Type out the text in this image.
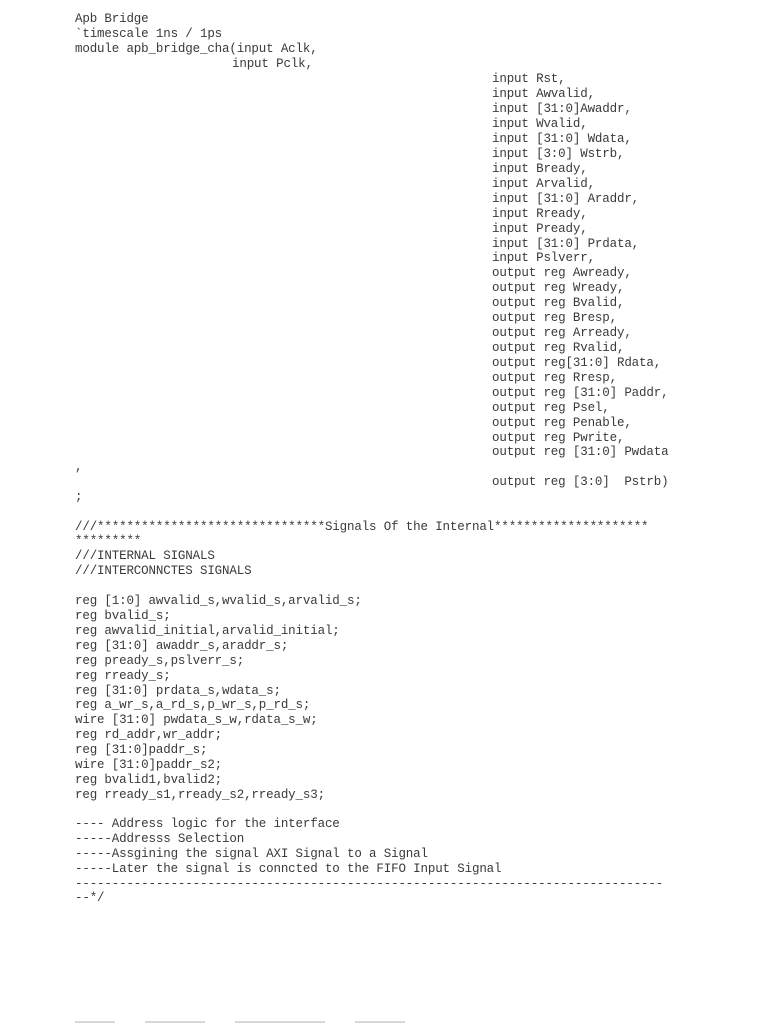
Apb Bridge
`timescale 1ns / 1ps
module apb_bridge_cha(input Aclk,
input Pclk,
input Rst,
input Awvalid,
input [31:0]Awaddr,
input Wvalid,
input [31:0] Wdata,
input [3:0] Wstrb,
input Bready,
input Arvalid,
input [31:0] Araddr,
input Rready,
input Pready,
input [31:0] Prdata,
input Pslverr,
output reg Awready,
output reg Wready,
output reg Bvalid,
output reg Bresp,
output reg Arready,
output reg Rvalid,
output reg[31:0] Rdata,
output reg Rresp,
output reg [31:0] Paddr,
output reg Psel,
output reg Penable,
output reg Pwrite,
output reg [31:0] Pwdata
,
output reg [3:0]  Pstrb)
;
///*******************************Signals Of the Internal*********************
*********
///INTERNAL SIGNALS
///INTERCONNCTES SIGNALS
reg [1:0] awvalid_s,wvalid_s,arvalid_s;
reg bvalid_s;
reg awvalid_initial,arvalid_initial;
reg [31:0] awaddr_s,araddr_s;
reg pready_s,pslverr_s;
reg rready_s;
reg [31:0] prdata_s,wdata_s;
reg a_wr_s,a_rd_s,p_wr_s,p_rd_s;
wire [31:0] pwdata_s_w,rdata_s_w;
reg rd_addr,wr_addr;
reg [31:0]paddr_s;
wire [31:0]paddr_s2;
reg bvalid1,bvalid2;
reg rready_s1,rready_s2,rready_s3;
---- Address logic for the interface
-----Addresss Selection
-----Assgining the signal AXI Signal to a Signal
-----Later the signal is conncted to the FIFO Input Signal
--------------------------------------------------------------------------------
--*/
